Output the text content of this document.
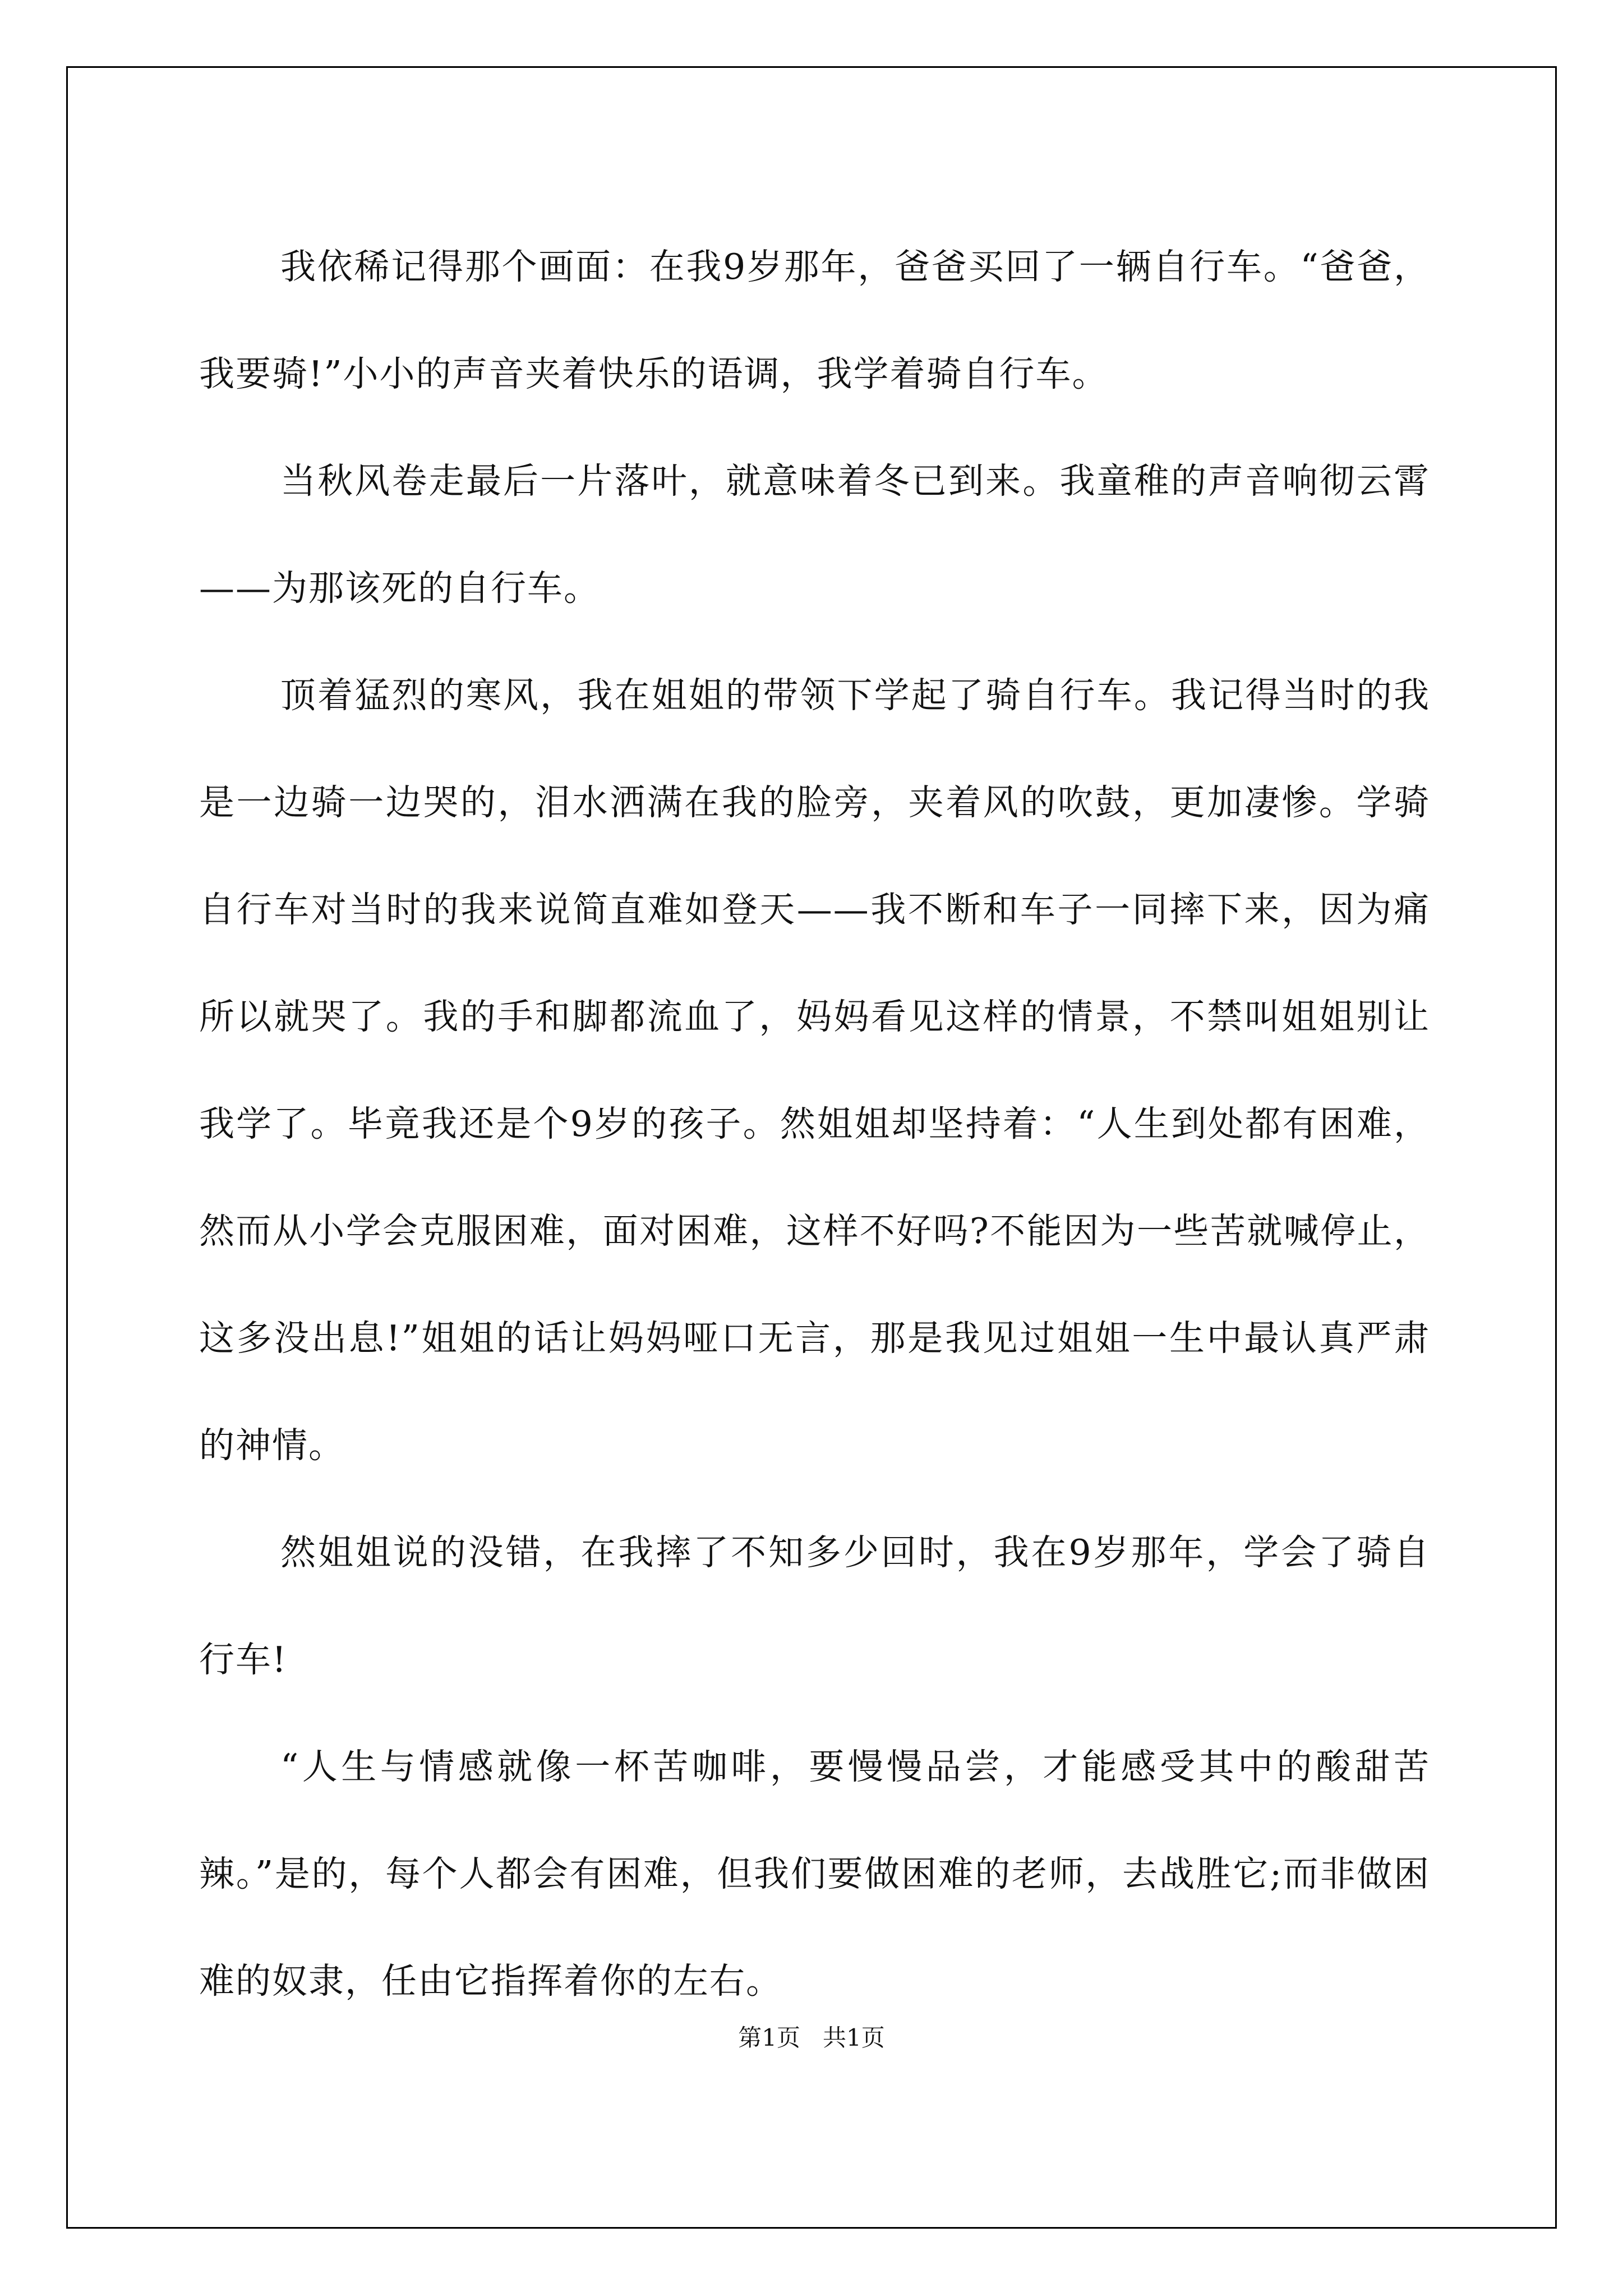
我依稀记得那个画面：在我9岁那年，爸爸买回了一辆自行车。“爸爸，我要骑!”小小的声音夹着快乐的语调，我学着骑自行车。

当秋风卷走最后一片落叶，就意味着冬已到来。我童稚的声音响彻云霄——为那该死的自行车。

顶着猛烈的寒风，我在姐姐的带领下学起了骑自行车。我记得当时的我是一边骑一边哭的，泪水洒满在我的脸旁，夹着风的吹鼓，更加凄惨。学骑自行车对当时的我来说简直难如登天——我不断和车子一同摔下来，因为痛所以就哭了。我的手和脚都流血了，妈妈看见这样的情景，不禁叫姐姐别让我学了。毕竟我还是个9岁的孩子。然姐姐却坚持着：“人生到处都有困难，然而从小学会克服困难，面对困难，这样不好吗?不能因为一些苦就喊停止，这多没出息!”姐姐的话让妈妈哑口无言，那是我见过姐姐一生中最认真严肃的神情。

然姐姐说的没错，在我摔了不知多少回时，我在9岁那年，学会了骑自行车!

“人生与情感就像一杯苦咖啡，要慢慢品尝，才能感受其中的酸甜苦辣。”是的，每个人都会有困难，但我们要做困难的老师，去战胜它;而非做困难的奴隶，任由它指挥着你的左右。

第1页 共1页
